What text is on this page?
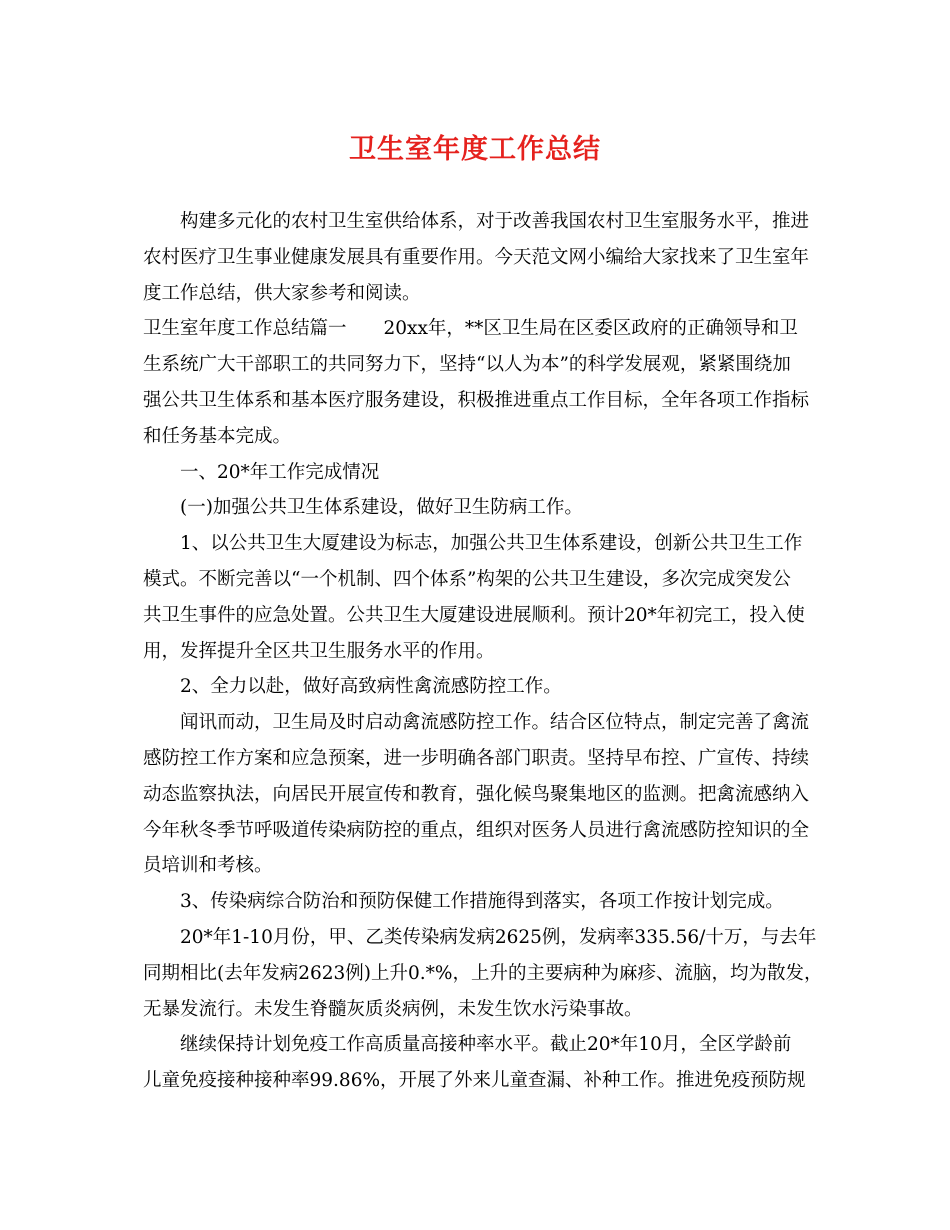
卫生室年度工作总结
构建多元化的农村卫生室供给体系，对于改善我国农村卫生室服务水平，推进
农村医疗卫生事业健康发展具有重要作用。今天范文网小编给大家找来了卫生室年
度工作总结，供大家参考和阅读。
卫生室年度工作总结篇一　　20xx年，**区卫生局在区委区政府的正确领导和卫
生系统广大干部职工的共同努力下，坚持“以人为本”的科学发展观，紧紧围绕加
强公共卫生体系和基本医疗服务建设，积极推进重点工作目标，全年各项工作指标
和任务基本完成。
一、20*年工作完成情况
(一)加强公共卫生体系建设，做好卫生防病工作。
1、以公共卫生大厦建设为标志，加强公共卫生体系建设，创新公共卫生工作
模式。不断完善以“一个机制、四个体系”构架的公共卫生建设，多次完成突发公
共卫生事件的应急处置。公共卫生大厦建设进展顺利。预计20*年初完工，投入使
用，发挥提升全区共卫生服务水平的作用。
2、全力以赴，做好高致病性禽流感防控工作。
闻讯而动，卫生局及时启动禽流感防控工作。结合区位特点，制定完善了禽流
感防控工作方案和应急预案，进一步明确各部门职责。坚持早布控、广宣传、持续
动态监察执法，向居民开展宣传和教育，强化候鸟聚集地区的监测。把禽流感纳入
今年秋冬季节呼吸道传染病防控的重点，组织对医务人员进行禽流感防控知识的全
员培训和考核。
3、传染病综合防治和预防保健工作措施得到落实，各项工作按计划完成。
20*年1-10月份，甲、乙类传染病发病2625例，发病率335.56/十万，与去年
同期相比(去年发病2623例)上升0.*%，上升的主要病种为麻疹、流脑，均为散发，
无暴发流行。未发生脊髓灰质炎病例，未发生饮水污染事故。
继续保持计划免疫工作高质量高接种率水平。截止20*年10月，全区学龄前
儿童免疫接种接种率99.86%，开展了外来儿童查漏、补种工作。推进免疫预防规
